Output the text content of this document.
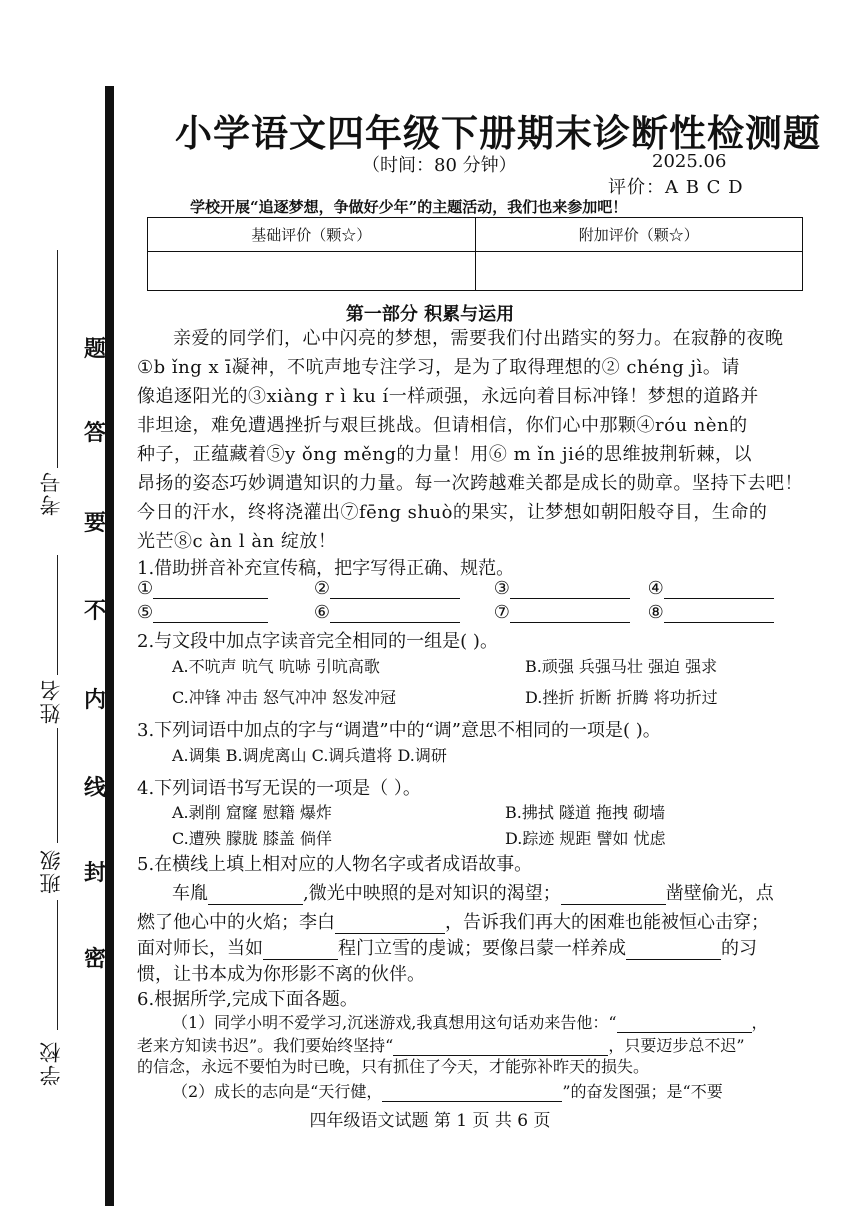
题
答
要
不
内
线
封
密
考号
姓名
班级
学校
小学语文四年级下册期末诊断性检测题
（时间：80 分钟）	2025.06
评价：A B C D
学校开展“追逐梦想，争做好少年”的主题活动，我们也来参加吧！
基础评价（颗☆）	附加评价（颗☆）

第一部分 积累与运用
亲爱的同学们，心中闪亮的梦想，需要我们付出踏实的努力。在寂静的夜晚
①b ǐng x ī凝神，不吭声地专注学习，是为了取得理想的② chéng jì。请
像追逐阳光的③xiàng r ì ku í一样顽强，永远向着目标冲锋！梦想的道路并
非坦途，难免遭遇挫折与艰巨挑战。但请相信，你们心中那颗④róu nèn的
种子，正蕴藏着⑤y ǒng měng的力量！用⑥ m ǐn jié的思维披荆斩棘，以
昂扬的姿态巧妙调遣知识的力量。每一次跨越难关都是成长的勋章。坚持下去吧！
今日的汗水，终将浇灌出⑦fēng shuò的果实，让梦想如朝阳般夺目，生命的
光芒⑧c àn l àn 绽放！
1.借助拼音补充宣传稿，把字写得正确、规范。
①	②	③	④
⑤	⑥	⑦	⑧
2.与文段中加点字读音完全相同的一组是( )。
A.不吭声 吭气 吭哧 引吭高歌	B.顽强 兵强马壮 强迫 强求
C.冲锋 冲击 怒气冲冲 怒发冲冠	D.挫折 折断 折腾 将功折过
3.下列词语中加点的字与“调遣”中的“调”意思不相同的一项是( )。
A.调集 B.调虎离山 C.调兵遣将 D.调研
4.下列词语书写无误的一项是（ ）。
A.剥削 窟窿 慰籍 爆炸	B.拂拭 隧道 拖拽 砌墙
C.遭殃 朦胧 膝盖 倘佯	D.踪迹 规距 譬如 忧虑
5.在横线上填上相对应的人物名字或者成语故事。
车胤	,微光中映照的是对知识的渴望；	凿壁偷光，点
燃了他心中的火焰；李白	，告诉我们再大的困难也能被恒心击穿；
面对师长，当如	程门立雪的虔诚；要像吕蒙一样养成	的习
惯，让书本成为你形影不离的伙伴。
6.根据所学,完成下面各题。
（1）同学小明不爱学习,沉迷游戏,我真想用这句话劝来告他：“	，
老来方知读书迟”。我们要始终坚持“	，只要迈步总不迟”
的信念，永远不要怕为时已晚，只有抓住了今天，才能弥补昨天的损失。
（2）成长的志向是“天行健，	”的奋发图强；是“不要
四年级语文试题 第 1 页 共 6 页
